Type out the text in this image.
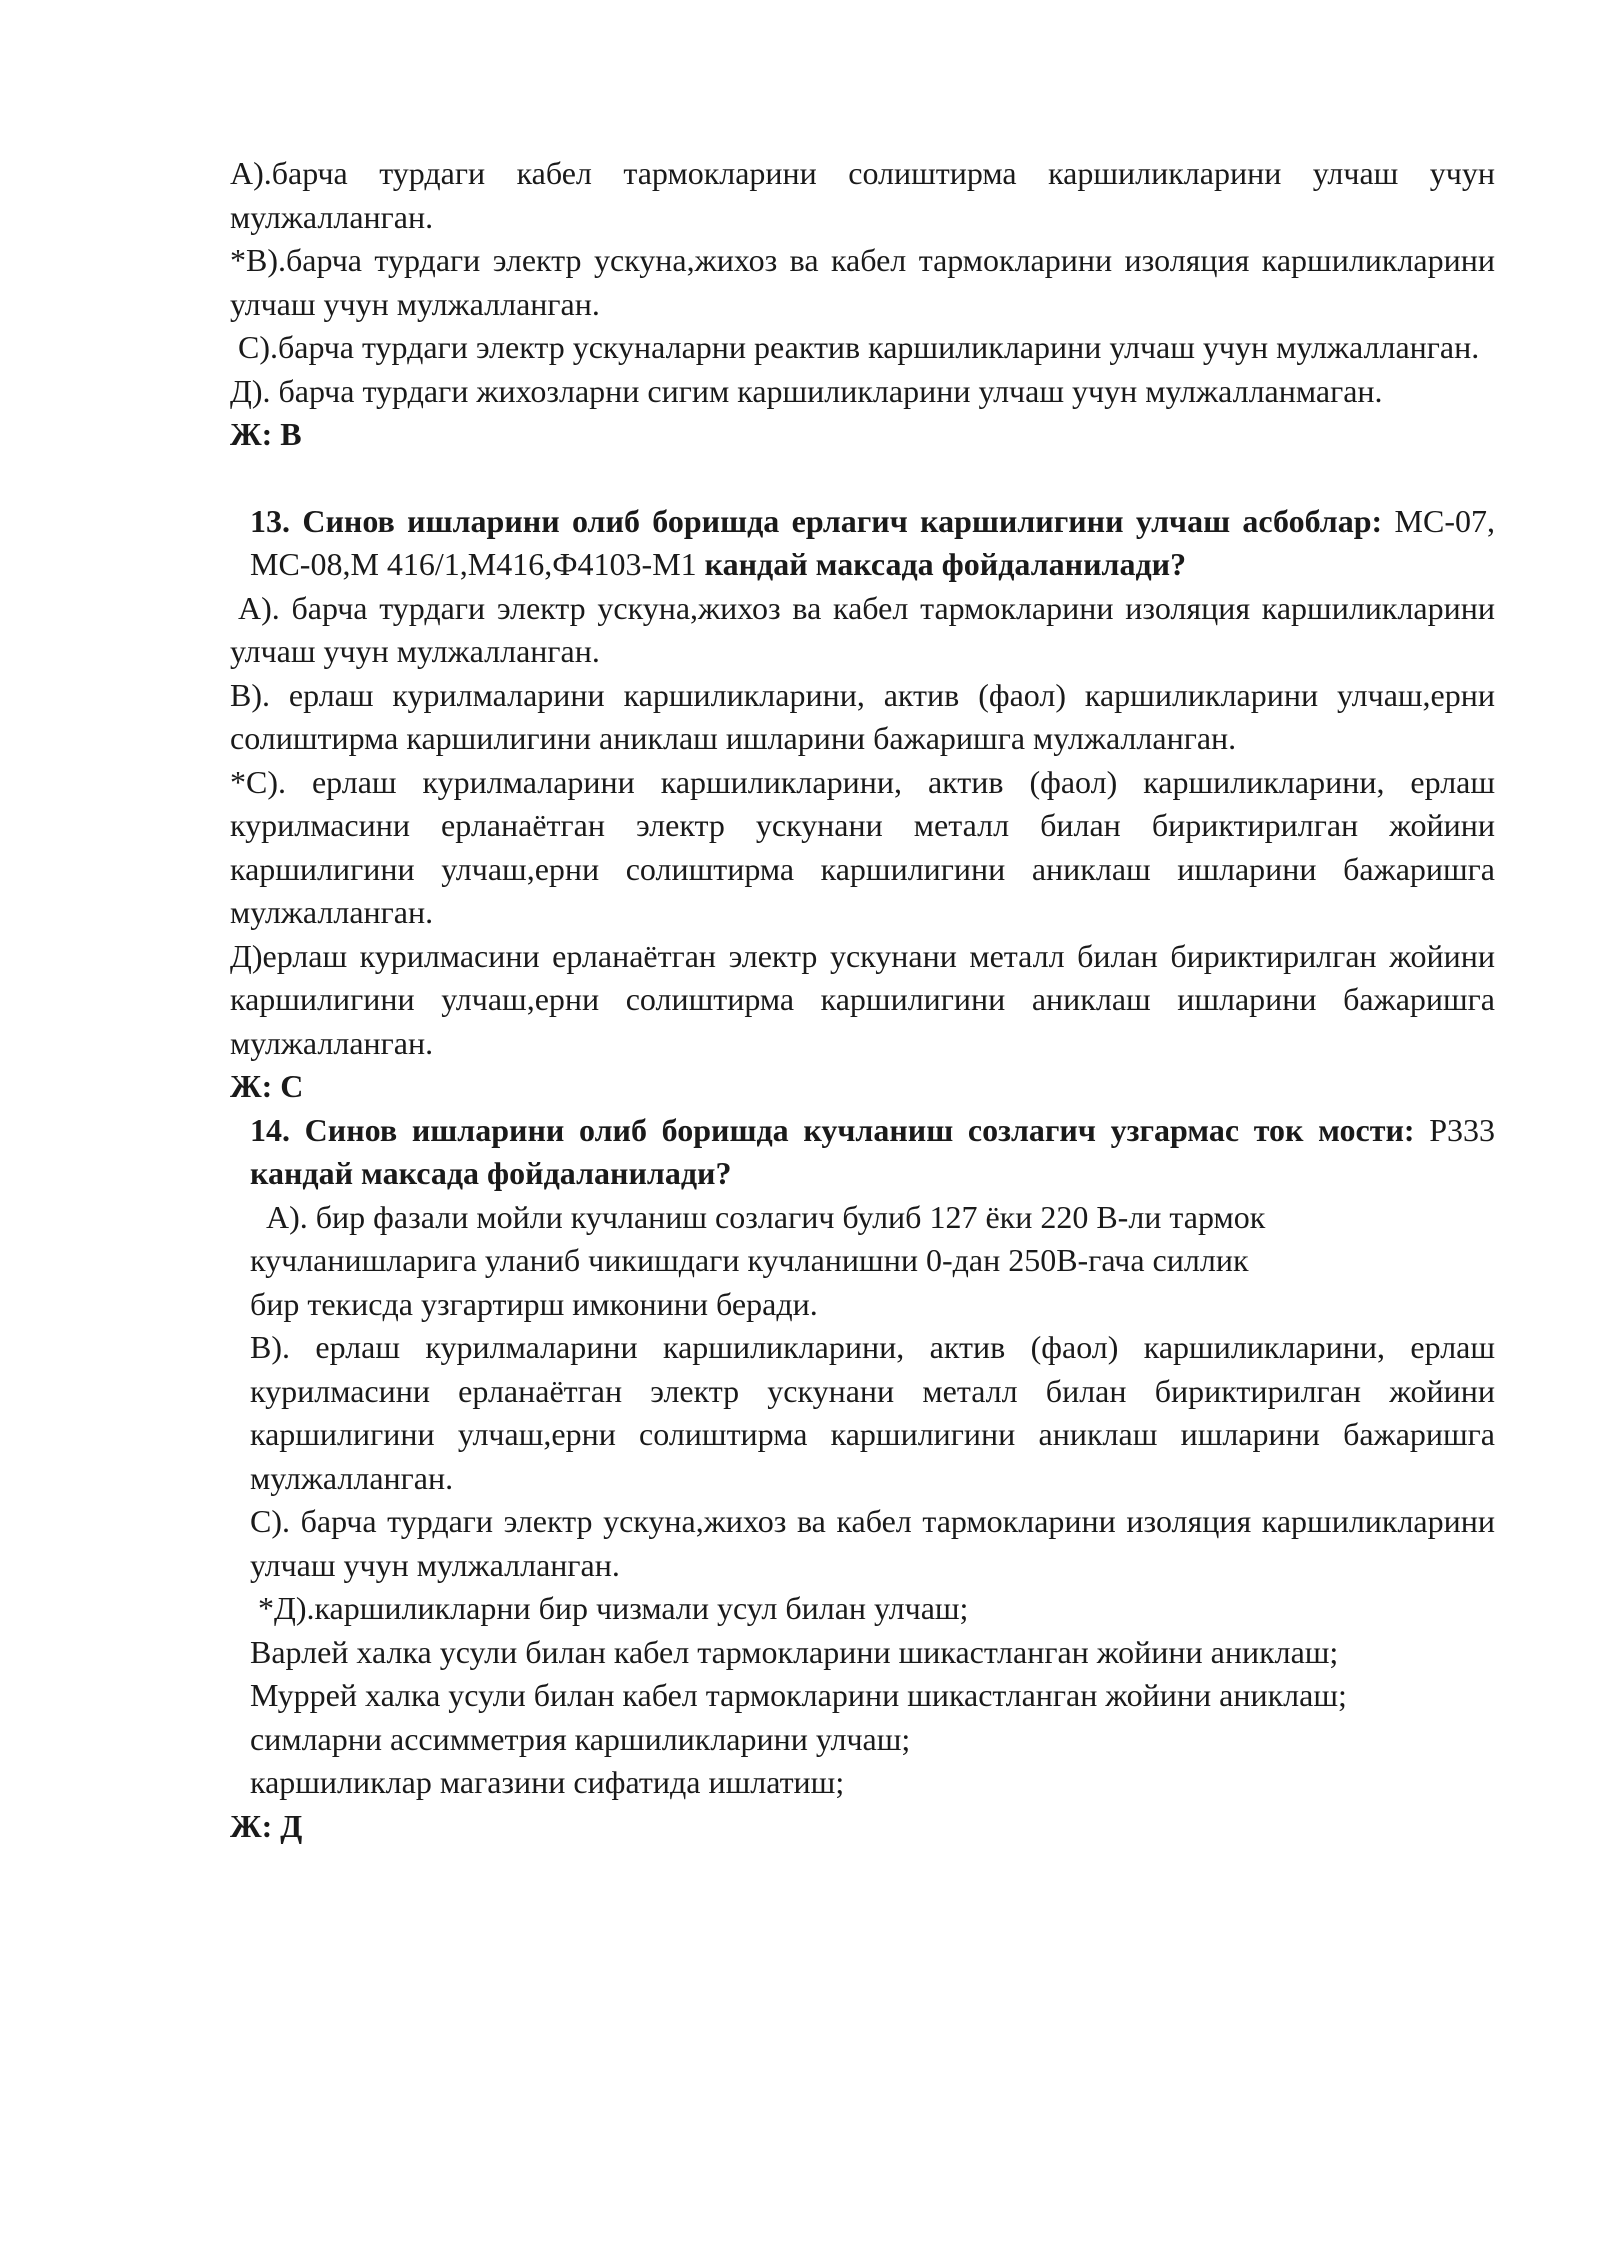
А).барча турдаги кабел тармокларини солиштирма каршиликларини улчаш учун мулжалланган.

*В).барча турдаги электр ускуна,жихоз ва кабел тармокларини изоляция каршиликларини улчаш учун мулжалланган.

С).барча турдаги электр ускуналарни реактив каршиликларини улчаш учун мулжалланган.

Д). барча турдаги жихозларни сигим каршиликларини улчаш учун мулжалланмаган.

Ж: В

13. Синов ишларини олиб боришда ерлагич каршилигини улчаш асбоблар: МС-07, МС-08,М 416/1,М416,Ф4103-М1 кандай максада фойдаланилади?

А). барча турдаги электр ускуна,жихоз ва кабел тармокларини изоляция каршиликларини улчаш учун мулжалланган.

В). ерлаш курилмаларини каршиликларини, актив (фаол) каршиликларини улчаш,ерни солиштирма каршилигини аниклаш ишларини бажаришга мулжалланган.

*С). ерлаш курилмаларини каршиликларини, актив (фаол) каршиликларини, ерлаш курилмасини ерланаётган электр ускунани металл билан бириктирилган жойини каршилигини улчаш,ерни солиштирма каршилигини аниклаш ишларини бажаришга мулжалланган.

Д)ерлаш курилмасини ерланаётган электр ускунани металл билан бириктирилган жойини каршилигини улчаш,ерни солиштирма каршилигини аниклаш ишларини бажаришга мулжалланган.

Ж: С

14. Синов ишларини олиб боришда кучланиш созлагич узгармас ток мости: Р333 кандай максада фойдаланилади?

А). бир фазали мойли кучланиш созлагич булиб 127 ёки 220 В-ли тармок

кучланишларига уланиб чикишдаги кучланишни 0-дан 250В-гача силлик

бир текисда узгартирш имконини беради.

В). ерлаш курилмаларини каршиликларини, актив (фаол) каршиликларини, ерлаш курилмасини ерланаётган электр ускунани металл билан бириктирилган жойини каршилигини улчаш,ерни солиштирма каршилигини аниклаш ишларини бажаришга мулжалланган.

С). барча турдаги электр ускуна,жихоз ва кабел тармокларини изоляция каршиликларини улчаш учун мулжалланган.

*Д).каршиликларни бир чизмали усул билан улчаш;

Варлей халка усули билан кабел тармокларини шикастланган жойини аниклаш;

Муррей халка усули билан кабел тармокларини шикастланган жойини аниклаш;

симларни ассимметрия каршиликларини улчаш;

каршиликлар магазини сифатида ишлатиш;

Ж: Д
